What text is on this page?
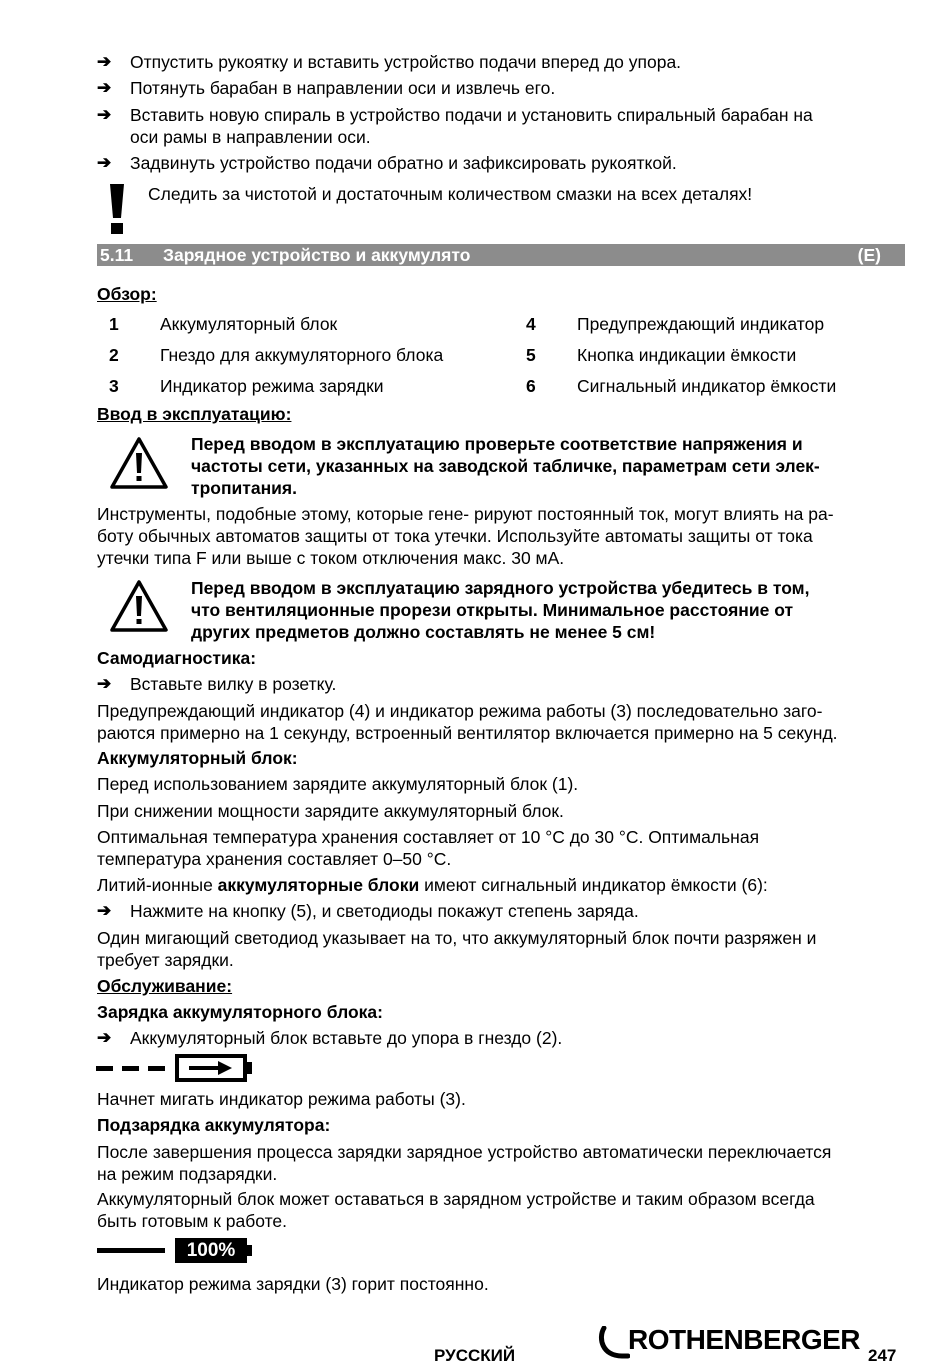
➔ Отпустить рукоятку и вставить устройство подачи вперед до упора.
➔ Потянуть барабан в направлении оси и извлечь его.
➔ Вставить новую спираль в устройство подачи и установить спиральный барабан на
оси рамы в направлении оси.
➔ Задвинуть устройство подачи обратно и зафиксировать рукояткой.
Следить за чистотой и достаточным количеством смазки на всех деталях!
5.11 Зарядное устройство и аккумулято	(E)
Обзор:
1 Аккумуляторный блок
2 Гнездо для аккумуляторного блока
3 Индикатор режима зарядки
4 Предупреждающий индикатор
5 Кнопка индикации ёмкости
6 Сигнальный индикатор ёмкости
Ввод в эксплуатацию:
Перед вводом в эксплуатацию проверьте соответствие напряжения и
частоты сети, указанных на заводской табличке, параметрам сети элек-
тропитания.
Инструменты, подобные этому, которые гене- рируют постоянный ток, могут влиять на ра-
боту обычных автоматов защиты от тока утечки. Используйте автоматы защиты от тока
утечки типа F или выше с током отключения макс. 30 мА.
Перед вводом в эксплуатацию зарядного устройства убедитесь в том,
что вентиляционные прорези открыты. Минимальное расстояние от
других предметов должно составлять не менее 5 см!
Самодиагностика:
➔ Вставьте вилку в розетку.
Предупреждающий индикатор (4) и индикатор режима работы (3) последовательно заго-
раются примерно на 1 секунду, встроенный вентилятор включается примерно на 5 секунд.
Аккумуляторный блок:
Перед использованием зарядите аккумуляторный блок (1).
При снижении мощности зарядите аккумуляторный блок.
Оптимальная температура хранения составляет от 10 °С до 30 °С. Оптимальная
температура хранения составляет 0–50 °С.
Литий-ионные аккумуляторные блоки имеют сигнальный индикатор ёмкости (6):
➔ Нажмите на кнопку (5), и светодиоды покажут степень заряда.
Один мигающий светодиод указывает на то, что аккумуляторный блок почти разряжен и
требует зарядки.
Обслуживание:
Зарядка аккумуляторного блока:
➔ Аккумуляторный блок вставьте до упора в гнездо (2).
Начнет мигать индикатор режима работы (3).
Подзарядка аккумулятора:
После завершения процесса зарядки зарядное устройство автоматически переключается
на режим подзарядки.
Аккумуляторный блок может оставаться в зарядном устройстве и таким образом всегда
быть готовым к работе.
100%
Индикатор режима зарядки (3) горит постоянно.
РУССКИЙ
ROTHENBERGER
247
